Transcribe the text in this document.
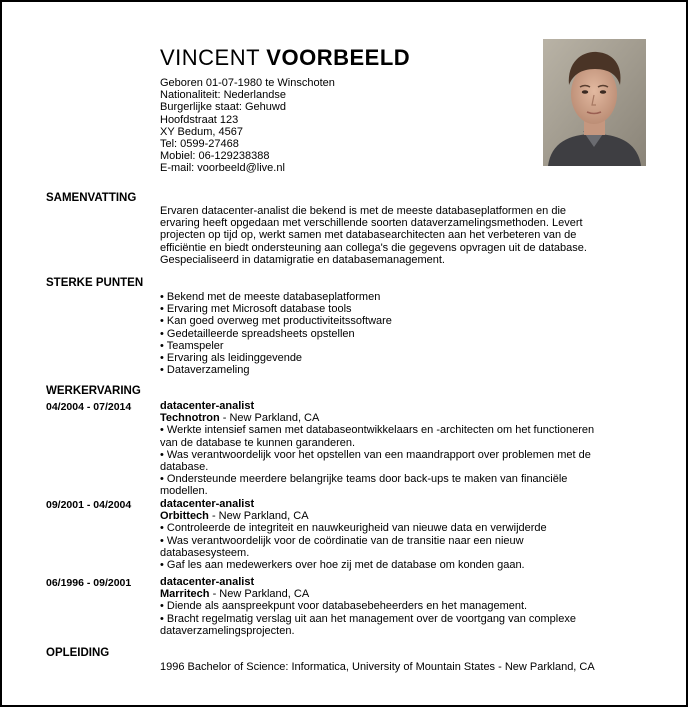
VINCENT VOORBEELD
Geboren 01-07-1980 te Winschoten
Nationaliteit: Nederlandse
Burgerlijke staat: Gehuwd
Hoofdstraat 123
XY Bedum, 4567
Tel: 0599-27468
Mobiel: 06-129238388
E-mail: voorbeeld@live.nl
SAMENVATTING
Ervaren datacenter-analist die bekend is met de meeste databaseplatformen en die
ervaring heeft opgedaan met verschillende soorten dataverzamelingsmethoden. Levert
projecten op tijd op, werkt samen met databasearchitecten aan het verbeteren van de
efficiëntie en biedt ondersteuning aan collega's die gegevens opvragen uit de database.
Gespecialiseerd in datamigratie en databasemanagement.
STERKE PUNTEN
• Bekend met de meeste databaseplatformen
• Ervaring met Microsoft database tools
• Kan goed overweg met productiviteitssoftware
• Gedetailleerde spreadsheets opstellen
• Teamspeler
• Ervaring als leidinggevende
• Dataverzameling
WERKERVARING
04/2004 - 07/2014	datacenter-analist
Technotron - New Parkland, CA
• Werkte intensief samen met databaseontwikkelaars en -architecten om het functioneren
van de database te kunnen garanderen.
• Was verantwoordelijk voor het opstellen van een maandrapport over problemen met de
database.
• Ondersteunde meerdere belangrijke teams door back-ups te maken van financiële
modellen.
09/2001 - 04/2004	datacenter-analist
Orbittech - New Parkland, CA
• Controleerde de integriteit en nauwkeurigheid van nieuwe data en verwijderde
• Was verantwoordelijk voor de coördinatie van de transitie naar een nieuw
databasesysteem.
• Gaf les aan medewerkers over hoe zij met de database om konden gaan.
06/1996 - 09/2001	datacenter-analist
Marritech - New Parkland, CA
• Diende als aanspreekpunt voor databasebeheerders en het management.
• Bracht regelmatig verslag uit aan het management over de voortgang van complexe
dataverzamelingsprojecten.
OPLEIDING
1996 Bachelor of Science: Informatica, University of Mountain States - New Parkland, CA
